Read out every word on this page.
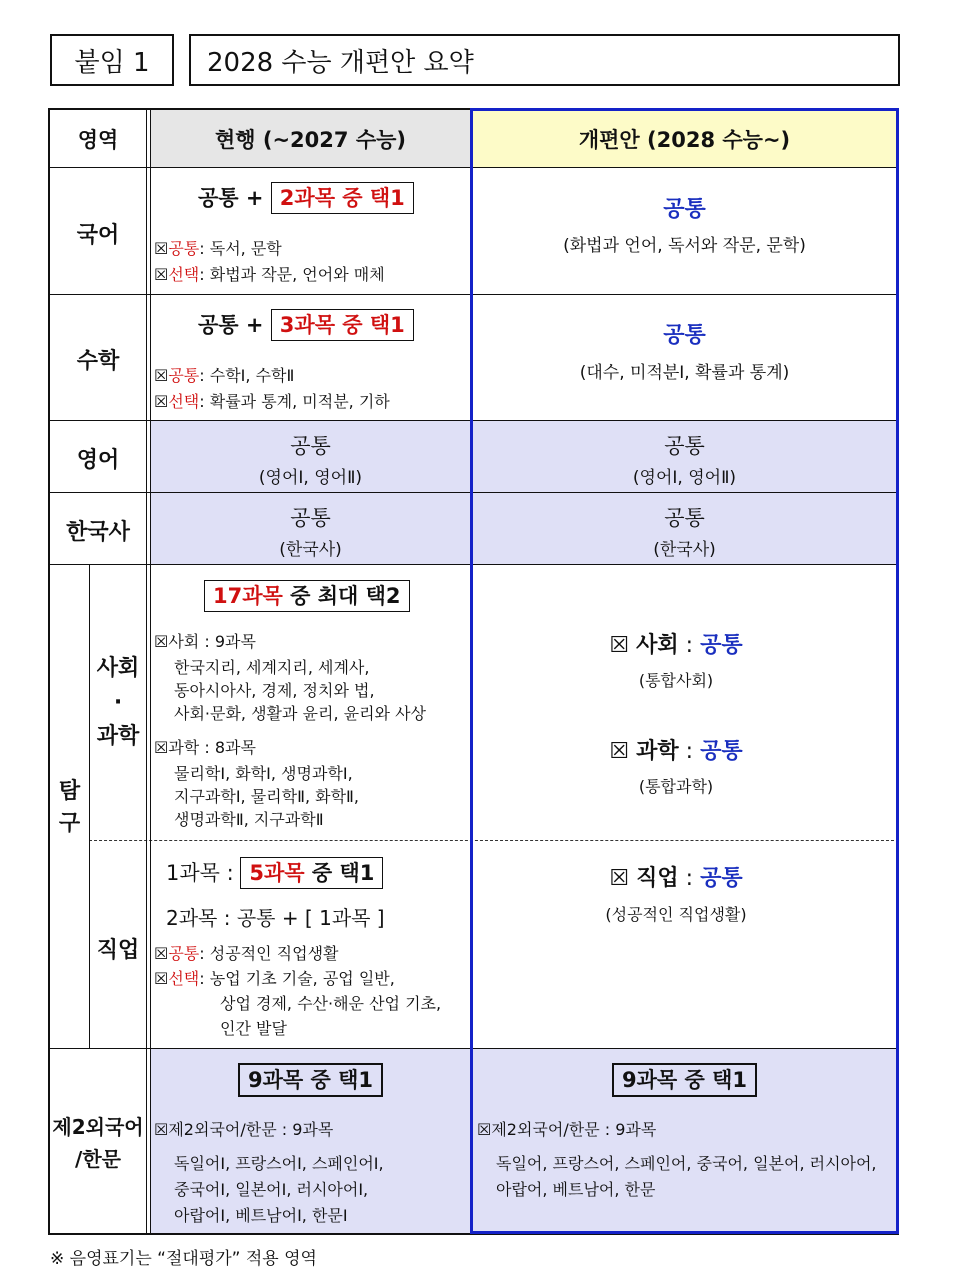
붙임 1 2028 수능 개편안 요약
영역	현행 (~2027 수능)	개편안 (2028 수능~)
국어
공통 + 2과목 중 택1
☒공통: 독서, 문학
☒선택: 화법과 작문, 언어와 매체
공통
(화법과 언어, 독서와 작문, 문학)
수학
공통 + 3과목 중 택1
☒공통: 수학Ⅰ, 수학Ⅱ
☒선택: 확률과 통계, 미적분, 기하
공통
(대수, 미적분Ⅰ, 확률과 통계)
영어
공통
(영어Ⅰ, 영어Ⅱ)
공통
(영어Ⅰ, 영어Ⅱ)
한국사
공통
(한국사)
공통
(한국사)
탐
구
사회
·
과학
17과목 중 최대 택2
☒사회 : 9과목
한국지리, 세계지리, 세계사,
동아시아사, 경제, 정치와 법,
사회·문화, 생활과 윤리, 윤리와 사상
☒과학 : 8과목
물리학Ⅰ, 화학Ⅰ, 생명과학Ⅰ,
지구과학Ⅰ, 물리학Ⅱ, 화학Ⅱ,
생명과학Ⅱ, 지구과학Ⅱ
☒ 사회 : 공통
(통합사회)
☒ 과학 : 공통
(통합과학)
직업
1과목 : 5과목 중 택1
2과목 : 공통 + [ 1과목 ]
☒공통: 성공적인 직업생활
☒선택: 농업 기초 기술, 공업 일반,
상업 경제, 수산·해운 산업 기초,
인간 발달
☒ 직업 : 공통
(성공적인 직업생활)
제2외국어
/한문
9과목 중 택1
☒제2외국어/한문 : 9과목
독일어Ⅰ, 프랑스어Ⅰ, 스페인어Ⅰ,
중국어Ⅰ, 일본어Ⅰ, 러시아어Ⅰ,
아랍어Ⅰ, 베트남어Ⅰ, 한문Ⅰ
9과목 중 택1
☒제2외국어/한문 : 9과목
독일어, 프랑스어, 스페인어, 중국어, 일본어, 러시아어,
아랍어, 베트남어, 한문
※ 음영표기는 “절대평가” 적용 영역
